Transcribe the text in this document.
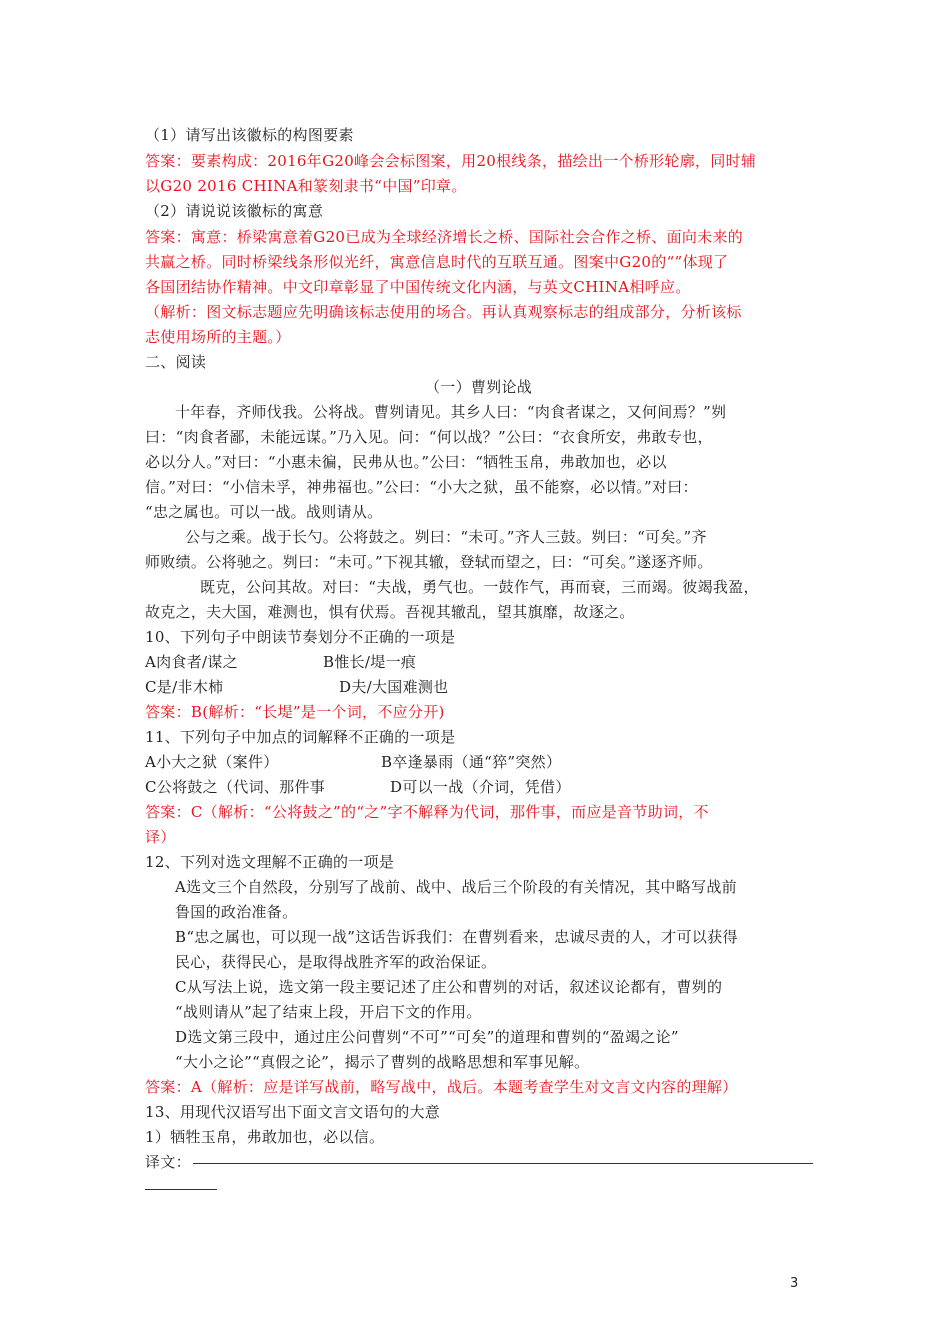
（1）请写出该徽标的构图要素
答案：要素构成：2016年G20峰会会标图案，用20根线条，描绘出一个桥形轮廓，同时辅
以G20 2016 CHINA和篆刻隶书“中国”印章。
（2）请说说该徽标的寓意
答案：寓意：桥梁寓意着G20已成为全球经济增长之桥、国际社会合作之桥、面向未来的
共赢之桥。同时桥梁线条形似光纤，寓意信息时代的互联互通。图案中G20的“”体现了
各国团结协作精神。中文印章彰显了中国传统文化内涵，与英文CHINA相呼应。
（解析：图文标志题应先明确该标志使用的场合。再认真观察标志的组成部分，分析该标
志使用场所的主题。）
二、阅读
（一）曹刿论战
十年春，齐师伐我。公将战。曹刿请见。其乡人曰：“肉食者谋之，又何间焉？”刿
曰：“肉食者鄙，未能远谋。”乃入见。问：“何以战？”公曰：“衣食所安，弗敢专也，
必以分人。”对曰：“小惠未徧，民弗从也。”公曰：“牺牲玉帛，弗敢加也，必以
信。”对曰：“小信未孚，神弗福也。”公曰：“小大之狱，虽不能察，必以情。”对曰：
“忠之属也。可以一战。战则请从。
公与之乘。战于长勺。公将鼓之。刿曰：“未可。”齐人三鼓。刿曰：“可矣。”齐
师败绩。公将驰之。刿曰：“未可。”下视其辙，登轼而望之，曰：“可矣。”遂逐齐师。
既克，公问其故。对曰：“夫战，勇气也。一鼓作气，再而衰，三而竭。彼竭我盈，
故克之，夫大国，难测也，惧有伏焉。吾视其辙乱，望其旗靡，故逐之。
10、下列句子中朗读节奏划分不正确的一项是
A肉食者/谋之	B惟长/堤一痕
C是/非木柿	D夫/大国难测也
答案：B(解析：“长堤”是一个词，不应分开)
11、下列句子中加点的词解释不正确的一项是
A小大之狱（案件）	B卒逢暴雨（通“猝”突然）
C公将鼓之（代词、那件事	D可以一战（介词，凭借）
答案：C（解析：“公将鼓之”的“之”字不解释为代词，那件事，而应是音节助词，不
译）
12、下列对选文理解不正确的一项是
A选文三个自然段，分别写了战前、战中、战后三个阶段的有关情况，其中略写战前
鲁国的政治准备。
B“忠之属也，可以现一战”这话告诉我们：在曹刿看来，忠诚尽责的人，才可以获得
民心，获得民心，是取得战胜齐军的政治保证。
C从写法上说，选文第一段主要记述了庄公和曹刿的对话，叙述议论都有，曹刿的
“战则请从”起了结束上段，开启下文的作用。
D选文第三段中，通过庄公问曹刿“不可”“可矣”的道理和曹刿的“盈竭之论”
“大小之论”“真假之论”，揭示了曹刿的战略思想和军事见解。
答案：A（解析：应是详写战前，略写战中，战后。本题考查学生对文言文内容的理解）
13、用现代汉语写出下面文言文语句的大意
1）牺牲玉帛，弗敢加也，必以信。
译文：
3
